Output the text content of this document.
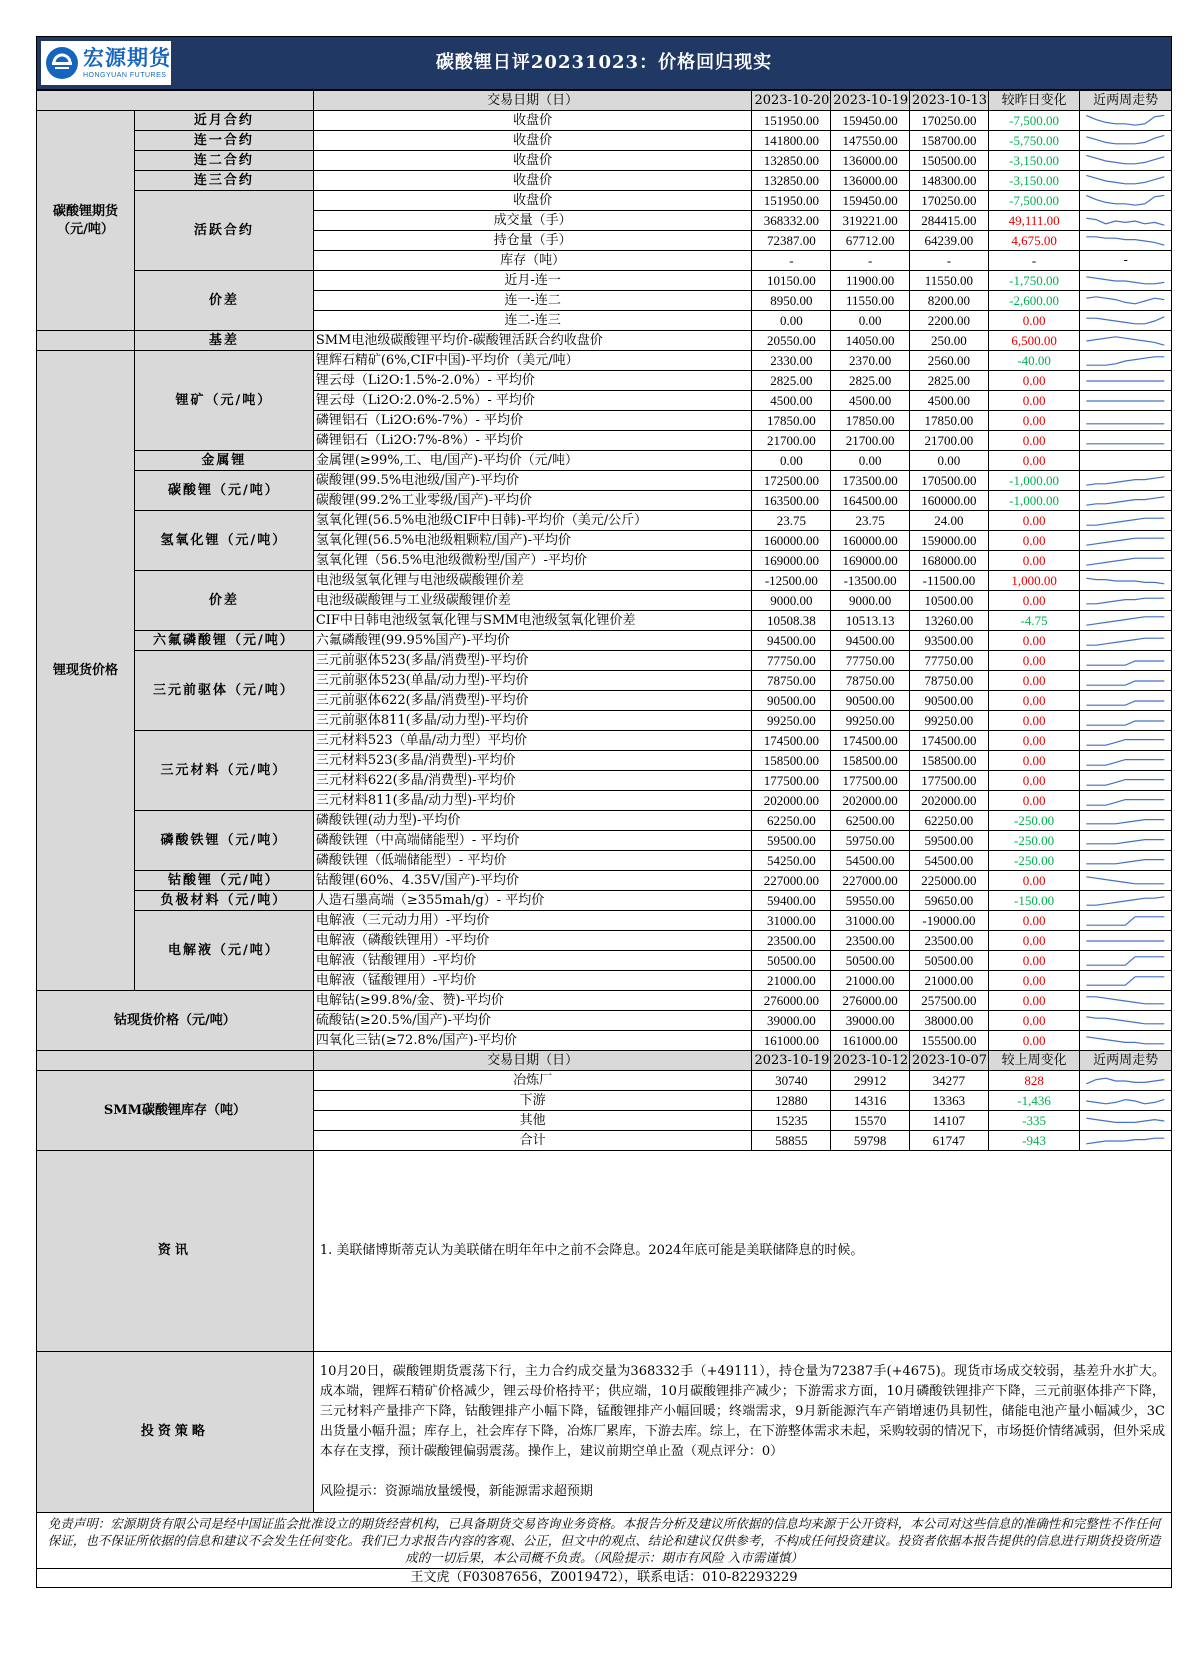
宏源期货
HONGYUAN FUTURES
碳酸锂日评20231023：价格回归现实
		交易日期（日）	2023-10-20	2023-10-19	2023-10-13	较昨日变化	近两周走势
碳酸锂期货（元/吨）	近月合约	收盘价	151950.00	159450.00	170250.00	-7,500.00	

	连一合约	收盘价	141800.00	147550.00	158700.00	-5,750.00	

	连二合约	收盘价	132850.00	136000.00	150500.00	-3,150.00	

	连三合约	收盘价	132850.00	136000.00	148300.00	-3,150.00	

	活跃合约	收盘价	151950.00	159450.00	170250.00	-7,500.00	

		成交量（手）	368332.00	319221.00	284415.00	49,111.00	

		持仓量（手）	72387.00	67712.00	64239.00	4,675.00	

		库存（吨）	-	-	-	-	-
	价差	近月-连一	10150.00	11900.00	11550.00	-1,750.00	

		连一-连二	8950.00	11550.00	8200.00	-2,600.00	

		连二-连三	0.00	0.00	2200.00	0.00	

	基差	SMM电池级碳酸锂平均价-碳酸锂活跃合约收盘价	20550.00	14050.00	250.00	6,500.00	

锂现货价格	锂矿（元/吨）	锂辉石精矿(6%,CIF中国)-平均价（美元/吨）	2330.00	2370.00	2560.00	-40.00	

		锂云母（Li2O:1.5%-2.0%）- 平均价	2825.00	2825.00	2825.00	0.00	

		锂云母（Li2O:2.0%-2.5%）- 平均价	4500.00	4500.00	4500.00	0.00	

		磷锂铝石（Li2O:6%-7%）- 平均价	17850.00	17850.00	17850.00	0.00	

		磷锂铝石（Li2O:7%-8%）- 平均价	21700.00	21700.00	21700.00	0.00	

	金属锂	金属锂(≥99%,工、电/国产)-平均价（元/吨）	0.00	0.00	0.00	0.00	
	碳酸锂（元/吨）	碳酸锂(99.5%电池级/国产)-平均价	172500.00	173500.00	170500.00	-1,000.00	

		碳酸锂(99.2%工业零级/国产)-平均价	163500.00	164500.00	160000.00	-1,000.00	

	氢氧化锂（元/吨）	氢氧化锂(56.5%电池级CIF中日韩)-平均价（美元/公斤）	23.75	23.75	24.00	0.00	

		氢氧化锂(56.5%电池级粗颗粒/国产)-平均价	160000.00	160000.00	159000.00	0.00	

		氢氧化锂（56.5%电池级微粉型/国产）-平均价	169000.00	169000.00	168000.00	0.00	

	价差	电池级氢氧化锂与电池级碳酸锂价差	-12500.00	-13500.00	-11500.00	1,000.00	

		电池级碳酸锂与工业级碳酸锂价差	9000.00	9000.00	10500.00	0.00	

		CIF中日韩电池级氢氧化锂与SMM电池级氢氧化锂价差	10508.38	10513.13	13260.00	-4.75	

	六氟磷酸锂（元/吨）	六氟磷酸锂(99.95%国产)-平均价	94500.00	94500.00	93500.00	0.00	

	三元前驱体（元/吨）	三元前驱体523(多晶/消费型)-平均价	77750.00	77750.00	77750.00	0.00	

		三元前驱体523(单晶/动力型)-平均价	78750.00	78750.00	78750.00	0.00	

		三元前驱体622(多晶/消费型)-平均价	90500.00	90500.00	90500.00	0.00	

		三元前驱体811(多晶/动力型)-平均价	99250.00	99250.00	99250.00	0.00	

	三元材料（元/吨）	三元材料523（单晶/动力型）平均价	174500.00	174500.00	174500.00	0.00	

		三元材料523(多晶/消费型)-平均价	158500.00	158500.00	158500.00	0.00	

		三元材料622(多晶/消费型)-平均价	177500.00	177500.00	177500.00	0.00	

		三元材料811(多晶/动力型)-平均价	202000.00	202000.00	202000.00	0.00	

	磷酸铁锂（元/吨）	磷酸铁锂(动力型)-平均价	62250.00	62500.00	62250.00	-250.00	

		磷酸铁锂（中高端储能型）- 平均价	59500.00	59750.00	59500.00	-250.00	

		磷酸铁锂（低端储能型）- 平均价	54250.00	54500.00	54500.00	-250.00	

	钴酸锂（元/吨）	钴酸锂(60%、4.35V/国产)-平均价	227000.00	227000.00	225000.00	0.00	

	负极材料（元/吨）	人造石墨高端（≥355mah/g）- 平均价	59400.00	59550.00	59650.00	-150.00	

	电解液（元/吨）	电解液（三元动力用）-平均价	31000.00	31000.00	-19000.00	0.00	

		电解液（磷酸铁锂用）-平均价	23500.00	23500.00	23500.00	0.00	

		电解液（钴酸锂用）-平均价	50500.00	50500.00	50500.00	0.00	

		电解液（锰酸锂用）-平均价	21000.00	21000.00	21000.00	0.00	

钴现货价格（元/吨）		电解钴(≥99.8%/金、赞)-平均价	276000.00	276000.00	257500.00	0.00	

		硫酸钴(≥20.5%/国产)-平均价	39000.00	39000.00	38000.00	0.00	

		四氧化三钴(≥72.8%/国产)-平均价	161000.00	161000.00	155500.00	0.00	

		交易日期（日）	2023-10-19	2023-10-12	2023-10-07	较上周变化	近两周走势
SMM碳酸锂库存（吨）		冶炼厂	30740	29912	34277	828	

		下游	12880	14316	13363	-1,436	

		其他	15235	15570	14107	-335	

		合计	58855	59798	61747	-943	

资讯		1. 美联储博斯蒂克认为美联储在明年年中之前不会降息。2024年底可能是美联储降息的时候。					
投资策略		10月20日，碳酸锂期货震荡下行，主力合约成交量为368332手（+49111），持仓量为72387手(+4675)。现货市场成交较弱，基差升水扩大。成本端，锂辉石精矿价格减少，锂云母价格持平；供应端，10月碳酸锂排产减少；下游需求方面，10月磷酸铁锂排产下降，三元前驱体排产下降，三元材料产量排产下降，钴酸锂排产小幅下降，锰酸锂排产小幅回暖；终端需求，9月新能源汽车产销增速仍具韧性，储能电池产量小幅减少，3C出货量小幅升温；库存上，社会库存下降，冶炼厂累库，下游去库。综上，在下游整体需求未起，采购较弱的情况下，市场挺价情绪减弱，但外采成本存在支撑，预计碳酸锂偏弱震荡。操作上，建议前期空单止盈（观点评分：0）
风险提示：资源端放量缓慢，新能源需求超预期					
免责声明：宏源期货有限公司是经中国证监会批准设立的期货经营机构，已具备期货交易咨询业务资格。本报告分析及建议所依据的信息均来源于公开资料，本公司对这些信息的准确性和完整性不作任何保证，也不保证所依据的信息和建议不会发生任何变化。我们已力求报告内容的客观、公正，但文中的观点、结论和建议仅供参考，不构成任何投资建议。投资者依据本报告提供的信息进行期货投资所造成的一切后果，本公司概不负责。（风险提示：期市有风险 入市需谨慎）
王文虎（F03087656，Z0019472），联系电话：010-82293229
